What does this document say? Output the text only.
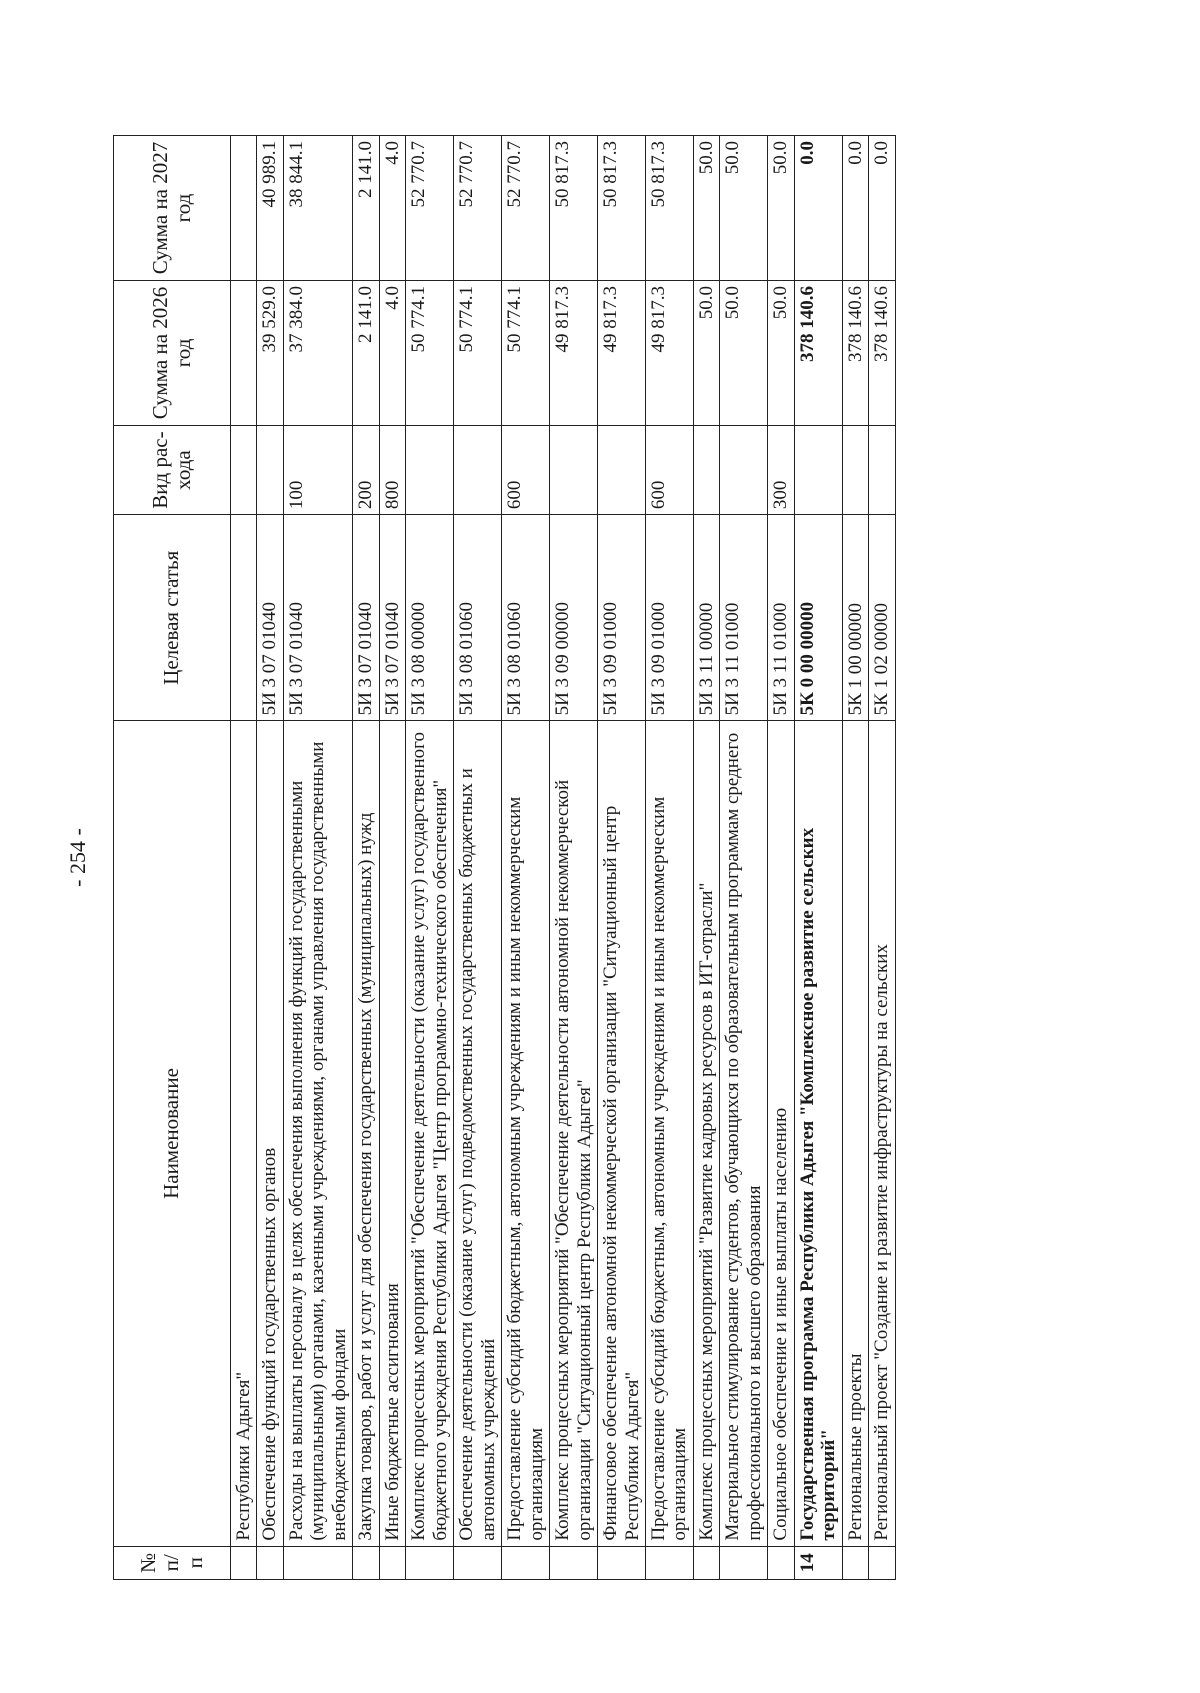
- 254 -
№ п/п	Наименование	Целевая статья	Вид рас-хода	Сумма на 2026 год	Сумма на 2027 год
	Республики Адыгея"				
	Обеспечение функций государственных органов	5И 3 07 01040		39 529.0	40 989.1
	Расходы на выплаты персоналу в целях обеспечения выполнения функций государственными (муниципальными) органами, казенными учреждениями, органами управления государственными внебюджетными фондами	5И 3 07 01040	100	37 384.0	38 844.1
	Закупка товаров, работ и услуг для обеспечения государственных (муниципальных) нужд	5И 3 07 01040	200	2 141.0	2 141.0
	Иные бюджетные ассигнования	5И 3 07 01040	800	4.0	4.0
	Комплекс процессных мероприятий "Обеспечение деятельности (оказание услуг) государственного бюджетного учреждения Республики Адыгея "Центр программно-технического обеспечения"	5И 3 08 00000		50 774.1	52 770.7
	Обеспечение деятельности (оказание услуг) подведомственных государственных бюджетных и автономных учреждений	5И 3 08 01060		50 774.1	52 770.7
	Предоставление субсидий бюджетным, автономным учреждениям и иным некоммерческим организациям	5И 3 08 01060	600	50 774.1	52 770.7
	Комплекс процессных мероприятий "Обеспечение деятельности автономной некоммерческой организации "Ситуационный центр Республики Адыгея"	5И 3 09 00000		49 817.3	50 817.3
	Финансовое обеспечение автономной некоммерческой организации "Ситуационный центр Республики Адыгея"	5И 3 09 01000		49 817.3	50 817.3
	Предоставление субсидий бюджетным, автономным учреждениям и иным некоммерческим организациям	5И 3 09 01000	600	49 817.3	50 817.3
	Комплекс процессных мероприятий "Развитие кадровых ресурсов в ИТ-отрасли"	5И 3 11 00000		50.0	50.0
	Материальное стимулирование студентов, обучающихся по образовательным программам среднего профессионального и высшего образования	5И 3 11 01000		50.0	50.0
	Социальное обеспечение и иные выплаты населению	5И 3 11 01000	300	50.0	50.0
14	Государственная программа Республики Адыгея "Комплексное развитие сельских территорий"	5К 0 00 00000		378 140.6	0.0
	Региональные проекты	5К 1 00 00000		378 140.6	0.0
	Региональный проект "Создание и развитие инфраструктуры на сельских	5К 1 02 00000		378 140.6	0.0
